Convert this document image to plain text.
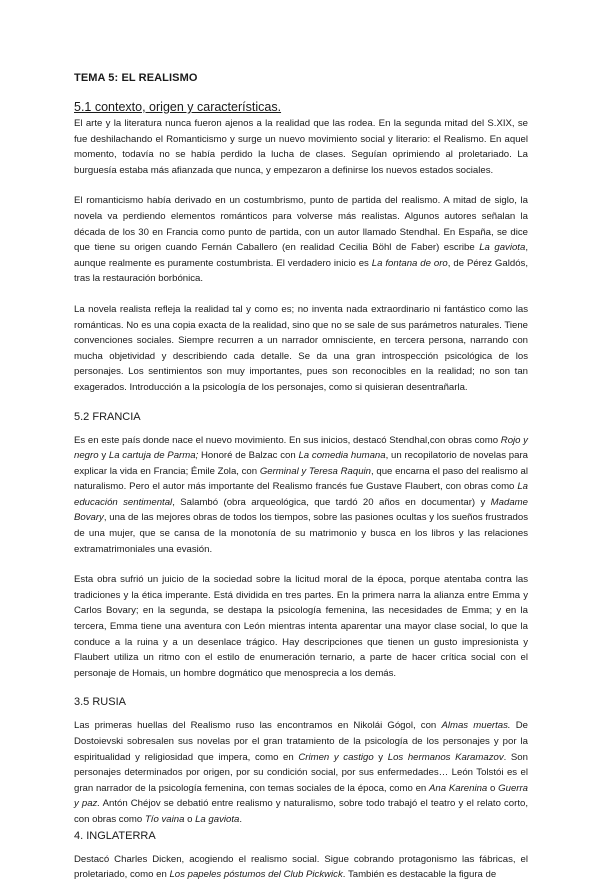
TEMA 5: EL REALISMO
5.1 contexto, origen y características.

El arte y la literatura nunca fueron ajenos a la realidad que las rodea. En la segunda mitad del S.XIX, se fue deshilachando el Romanticismo y surge un nuevo movimiento social y literario: el Realismo. En aquel momento, todavía no se había perdido la lucha de clases. Seguían oprimiendo al proletariado. La burguesía estaba más afianzada que nunca, y empezaron a definirse los nuevos estados sociales.

El romanticismo había derivado en un costumbrismo, punto de partida del realismo. A mitad de siglo, la novela va perdiendo elementos románticos para volverse más realistas. Algunos autores señalan la década de los 30 en Francia como punto de partida, con un autor llamado Stendhal. En España, se dice que tiene su origen cuando Fernán Caballero (en realidad Cecilia Böhl de Faber) escribe La gaviota, aunque realmente es puramente costumbrista. El verdadero inicio es La fontana de oro, de Pérez Galdós, tras la restauración borbónica.

La novela realista refleja la realidad tal y como es; no inventa nada extraordinario ni fantástico como las románticas. No es una copia exacta de la realidad, sino que no se sale de sus parámetros naturales. Tiene convenciones sociales. Siempre recurren a un narrador omnisciente, en tercera persona, narrando con mucha objetividad y describiendo cada detalle. Se da una gran introspección psicológica de los personajes. Los sentimientos son muy importantes, pues son reconocibles en la realidad; no son tan exagerados. Introducción a la psicología de los personajes, como si quisieran desentrañarla.

5.2 FRANCIA

Es en este país donde nace el nuevo movimiento. En sus inicios, destacó Stendhal,con obras como Rojo y negro y La cartuja de Parma; Honoré de Balzac con La comedia humana, un recopilatorio de novelas para explicar la vida en Francia; Émile Zola, con Germinal y Teresa Raquin, que encarna el paso del realismo al naturalismo. Pero el autor más importante del Realismo francés fue Gustave Flaubert, con obras como La educación sentimental, Salambó (obra arqueológica, que tardó 20 años en documentar) y Madame Bovary, una de las mejores obras de todos los tiempos, sobre las pasiones ocultas y los sueños frustrados de una mujer, que se cansa de la monotonía de su matrimonio y busca en los libros y las relaciones extramatrimoniales una evasión.

Esta obra sufrió un juicio de la sociedad sobre la licitud moral de la época, porque atentaba contra las tradiciones y la ética imperante. Está dividida en tres partes. En la primera narra la alianza entre Emma y Carlos Bovary; en la segunda, se destapa la psicología femenina, las necesidades de Emma; y en la tercera, Emma tiene una aventura con León mientras intenta aparentar una mayor clase social, lo que la conduce a la ruina y a un desenlace trágico. Hay descripciones que tienen un gusto impresionista y Flaubert utiliza un ritmo con el estilo de enumeración ternario, a parte de hacer crítica social con el personaje de Homais, un hombre dogmático que menosprecia a los demás.

3.5 RUSIA

Las primeras huellas del Realismo ruso las encontramos en Nikolái Gógol, con Almas muertas. De Dostoievski sobresalen sus novelas por el gran tratamiento de la psicología de los personajes y por la espiritualidad y religiosidad que impera, como en Crimen y castigo y Los hermanos Karamazov. Son personajes determinados por origen, por su condición social, por sus enfermedades… León Tolstói es el gran narrador de la psicología femenina, con temas sociales de la época, como en Ana Karenina o Guerra y paz. Antón Chéjov se debatió entre realismo y naturalismo, sobre todo trabajó el teatro y el relato corto, con obras como Tío vaina o La gaviota.

4. INGLATERRA

Destacó Charles Dicken, acogiendo el realismo social. Sigue cobrando protagonismo las fábricas, el proletariado, como en Los papeles póstumos del Club Pickwick. También es destacable la figura de
